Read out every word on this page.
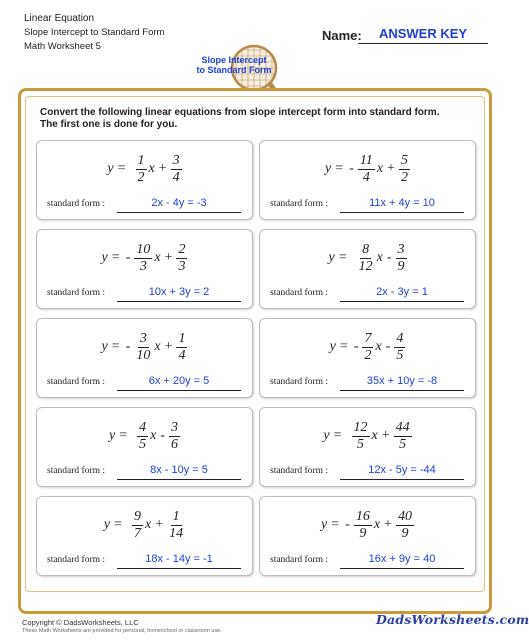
Linear Equation
Slope Intercept to Standard Form
Math Worksheet 5
Name:	ANSWER KEY
Slope Intercept
to Standard Form
Convert the following linear equations from slope intercept form into standard form.
The first one is done for you.
$y = \frac{1}{2}$ $x + \frac{3}{4}$
standard form :	2x - 4y = -3
y = - $\frac{11}{4}$ $x + \frac{5}{2}$
standard form :	11x + 4y = 10
y = - $\frac{10}{3}$ $x + \frac{2}{3}$
standard form :	10x + 3y = 2
$y = \frac{8}{12}$ x - $\frac{3}{9}$
standard form :	2x - 3y = 1
y = - $\frac{3}{10}$ $x + \frac{1}{4}$
standard form :	6x + 20y = 5
y = - $\frac{7}{2}$ x - $\frac{4}{5}$
standard form :	35x + 10y = -8
$y = \frac{4}{5}$ x - $\frac{3}{6}$
standard form :	8x - 10y = 5
$y = \frac{12}{5}$ $x + \frac{44}{5}$
standard form :	12x - 5y = -44
$y = \frac{9}{7}$ $x + \frac{1}{14}$
standard form :	18x - 14y = -1
y = - $\frac{16}{9}$ $x + \frac{40}{9}$
standard form :	16x + 9y = 40
Copyright © DadsWorksheets, LLC
These Math Worksheets are provided for personal, homeschool or classroom use.
DadsWorksheets.com
